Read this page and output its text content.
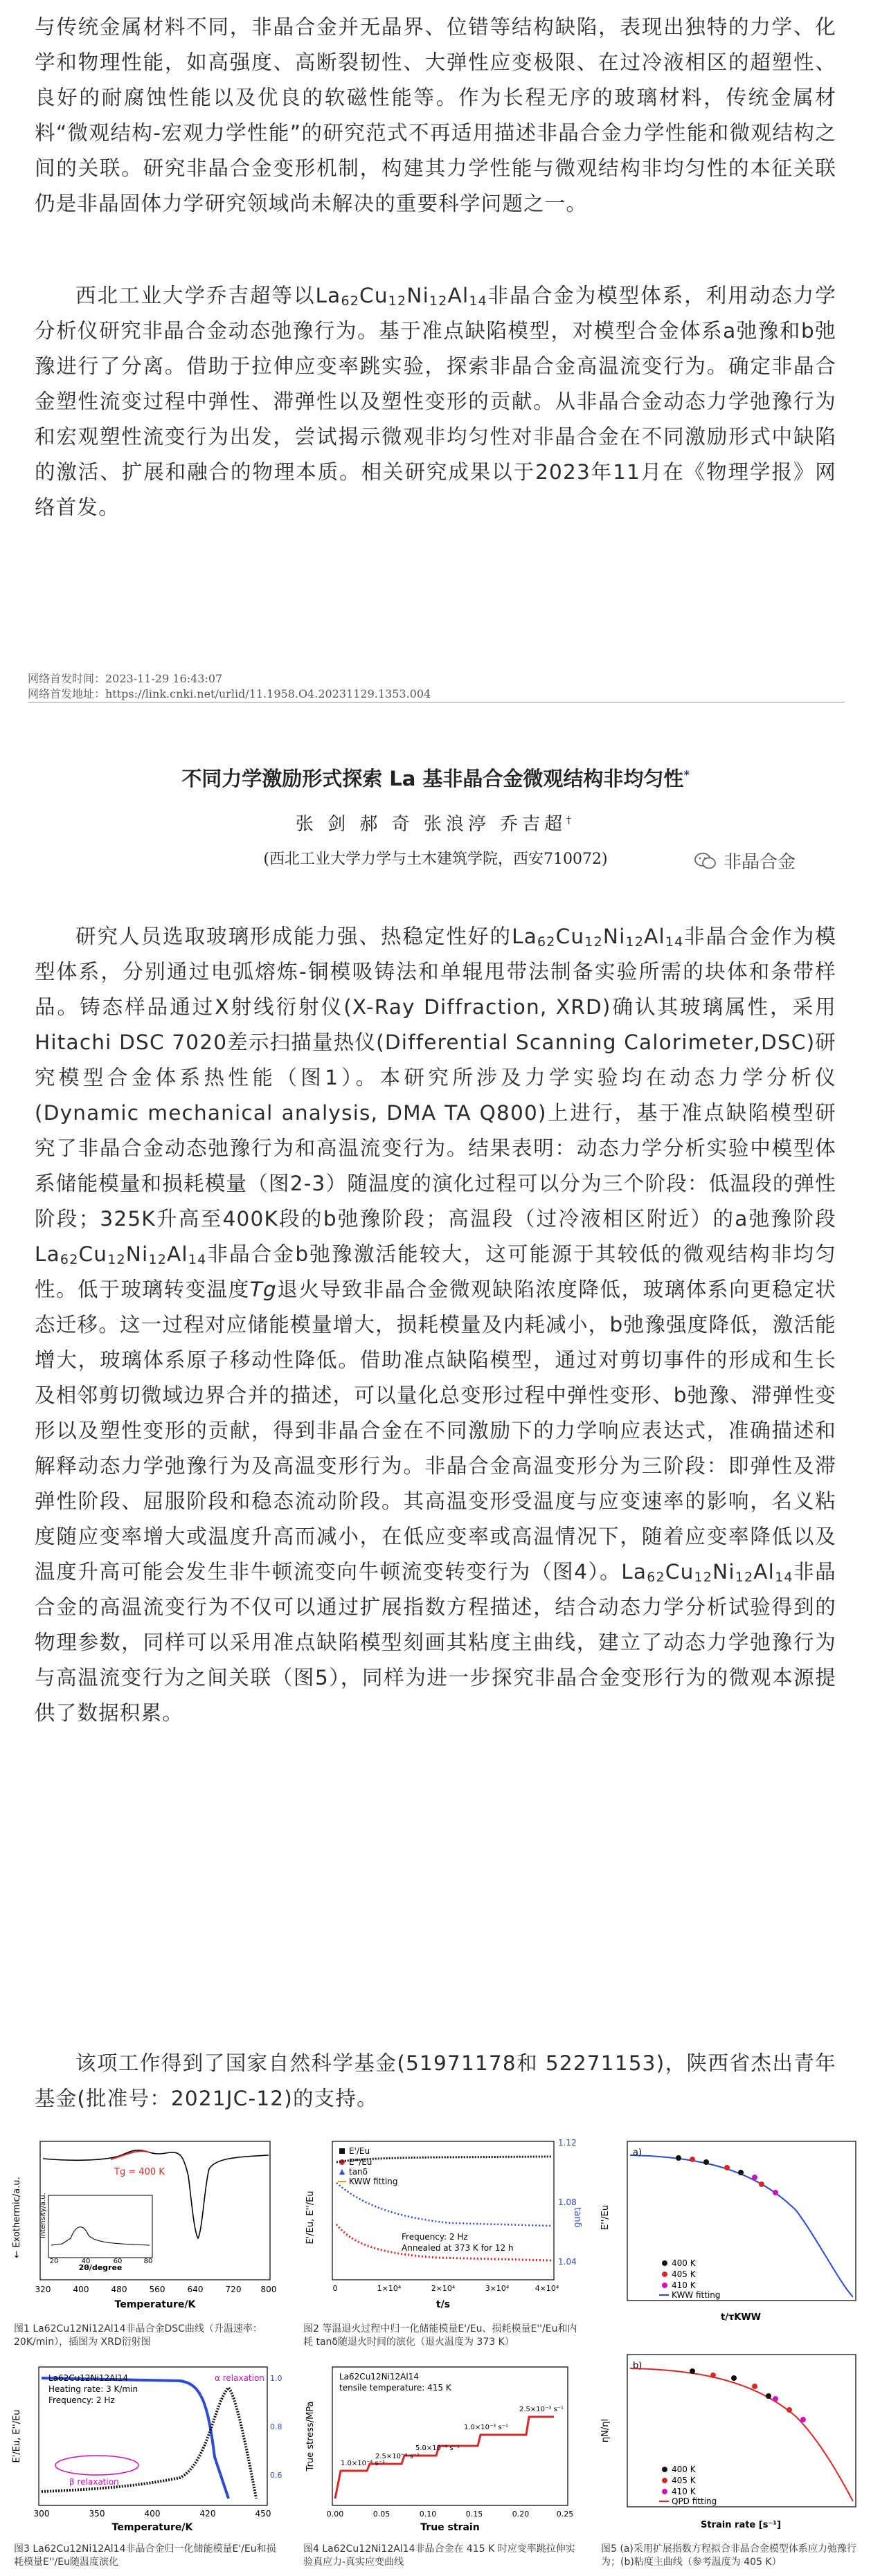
与传统金属材料不同，非晶合金并无晶界、位错等结构缺陷，表现出独特的力学、化学和物理性能，如高强度、高断裂韧性、大弹性应变极限、在过冷液相区的超塑性、良好的耐腐蚀性能以及优良的软磁性能等。作为长程无序的玻璃材料，传统金属材料“微观结构-宏观力学性能”的研究范式不再适用描述非晶合金力学性能和微观结构之间的关联。研究非晶合金变形机制，构建其力学性能与微观结构非均匀性的本征关联仍是非晶固体力学研究领域尚未解决的重要科学问题之一。

西北工业大学乔吉超等以$La_{62}Cu_{12}Ni_{12}Al_{14}$非晶合金为模型体系，利用动态力学分析仪研究非晶合金动态弛豫行为。基于准点缺陷模型，对模型合金体系a弛豫和b弛豫进行了分离。借助于拉伸应变率跳实验，探索非晶合金高温流变行为。确定非晶合金塑性流变过程中弹性、滞弹性以及塑性变形的贡献。从非晶合金动态力学弛豫行为和宏观塑性流变行为出发，尝试揭示微观非均匀性对非晶合金在不同激励形式中缺陷的激活、扩展和融合的物理本质。相关研究成果以于2023年11月在《物理学报》网络首发。

网络首发时间：2023-11-29 16:43:07
网络首发地址：https://link.cnki.net/urlid/11.1958.O4.20231129.1353.004
不同力学激励形式探索 La 基非晶合金微观结构非均匀性*
张 剑 郝 奇 张浪渟 乔吉超†
(西北工业大学力学与土木建筑学院，西安710072)	非晶合金

研究人员选取玻璃形成能力强、热稳定性好的$La_{62}Cu_{12}Ni_{12}Al_{14}$非晶合金作为模型体系，分别通过电弧熔炼-铜模吸铸法和单辊甩带法制备实验所需的块体和条带样品。铸态样品通过X射线衍射仪(X-Ray Diffraction, XRD)确认其玻璃属性，采用Hitachi DSC 7020差示扫描量热仪(Differential Scanning Calorimeter,DSC)研究模型合金体系热性能（图1）。本研究所涉及力学实验均在动态力学分析仪(Dynamic mechanical analysis, DMA TA Q800)上进行，基于准点缺陷模型研究了非晶合金动态弛豫行为和高温流变行为。结果表明：动态力学分析实验中模型体系储能模量和损耗模量（图2-3）随温度的演化过程可以分为三个阶段：低温段的弹性阶段；325K升高至400K段的b弛豫阶段；高温段（过冷液相区附近）的a弛豫阶段$La_{62}Cu_{12}Ni_{12}Al_{14}$非晶合金b弛豫激活能较大，这可能源于其较低的微观结构非均匀性。低于玻璃转变温度Tg退火导致非晶合金微观缺陷浓度降低，玻璃体系向更稳定状态迁移。这一过程对应储能模量增大，损耗模量及内耗减小，b弛豫强度降低，激活能增大，玻璃体系原子移动性降低。借助准点缺陷模型，通过对剪切事件的形成和生长及相邻剪切微域边界合并的描述，可以量化总变形过程中弹性变形、b弛豫、滞弹性变形以及塑性变形的贡献，得到非晶合金在不同激励下的力学响应表达式，准确描述和解释动态力学弛豫行为及高温变形行为。非晶合金高温变形分为三阶段：即弹性及滞弹性阶段、屈服阶段和稳态流动阶段。其高温变形受温度与应变速率的影响，名义粘度随应变率增大或温度升高而减小，在低应变率或高温情况下，随着应变率降低以及温度升高可能会发生非牛顿流变向牛顿流变转变行为（图4）。$La_{62}Cu_{12}Ni_{12}Al_{14}$非晶合金的高温流变行为不仅可以通过扩展指数方程描述，结合动态力学分析试验得到的物理参数，同样可以采用准点缺陷模型刻画其粘度主曲线，建立了动态力学弛豫行为与高温流变行为之间关联（图5），同样为进一步探究非晶合金变形行为的微观本源提供了数据积累。

该项工作得到了国家自然科学基金(51971178和 52271153)，陕西省杰出青年基金(批准号：2021JC-12)的支持。

← Exothermic/a.u.
Temperature/K
320	400	480	560	640	720 800
Tg = 400 K
Intensity/a.u.
2θ/degree
20	40	60	80
图1 La62Cu12Ni12Al14非晶合金DSC曲线（升温速率：20K/min），插图为 XRD衍射图
E'/Eu, E''/Eu	tanδ
1.12
1.08
1.04
t/s
0	1×10⁴	2×10⁴	3×10⁴	4×10⁴
E'/Eu
E''/Eu
tanδ
KWW fitting
Frequency: 2 Hz
Annealed at 373 K for 12 h
图2 等温退火过程中归一化储能模量E'/Eu、损耗模量E''/Eu和内耗 tanδ随退火时间的演化（退火温度为 373 K）
a)
E''/Eu
t/τKWW
400 K
405 K
410 K
KWW fitting
E'/Eu, E''/Eu
Temperature/K
300	350	400	420	450
1.0
0.8
0.6
La62Cu12Ni12Al14
Heating rate: 3 K/min
Frequency: 2 Hz
α relaxation
β relaxation
图3 La62Cu12Ni12Al14非晶合金归一化储能模量E'/Eu和损耗模量E''/Eu随温度演化
True stress/MPa
True strain
0.00	0.05	0.10	0.15	0.20	0.25
La62Cu12Ni12Al14
tensile temperature: 415 K
1.0×10⁻⁴ s⁻¹
2.5×10⁻⁴ s⁻¹
5.0×10⁻⁴ s⁻¹
1.0×10⁻³ s⁻¹
2.5×10⁻³ s⁻¹
图4 La62Cu12Ni12Al14非晶合金在 415 K 时应变率跳拉伸实验真应力-真实应变曲线
b)
ηN/ηl
Strain rate [s⁻¹]
400 K
405 K
410 K
QPD fitting
图5 (a)采用扩展指数方程拟合非晶合金模型体系应力弛豫行为；(b)粘度主曲线（参考温度为 405 K）
